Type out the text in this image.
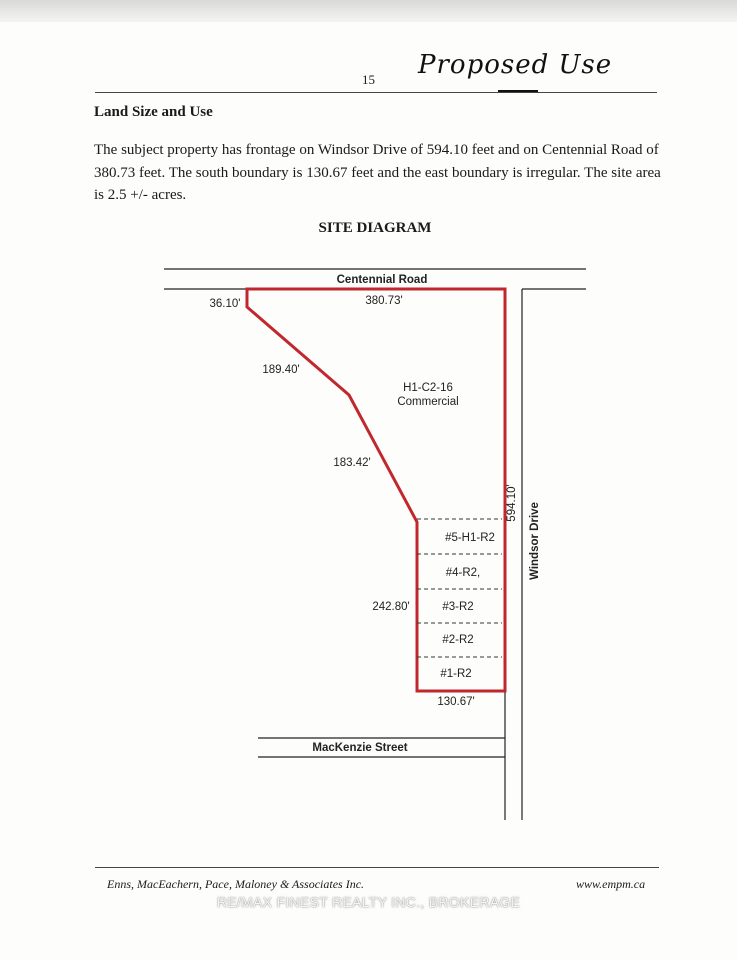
15 Proposed Use
Land Size and Use
The subject property has frontage on Windsor Drive of 594.10 feet and on Centennial Road of 380.73 feet. The south boundary is 130.67 feet and the east boundary is irregular. The site area is 2.5 +/- acres.
SITE DIAGRAM
Centennial Road
MacKenzie Street
Windsor Drive
380.73'
36.10'
189.40'
183.42'
242.80'
594.10'
130.67'
H1-C2-16
Commercial
#5-H1-R2
#4-R2,
#3-R2
#2-R2
#1-R2
Enns, MacEachern, Pace, Maloney & Associates Inc.	www.empm.ca
RE/MAX FINEST REALTY INC., BROKERAGE
